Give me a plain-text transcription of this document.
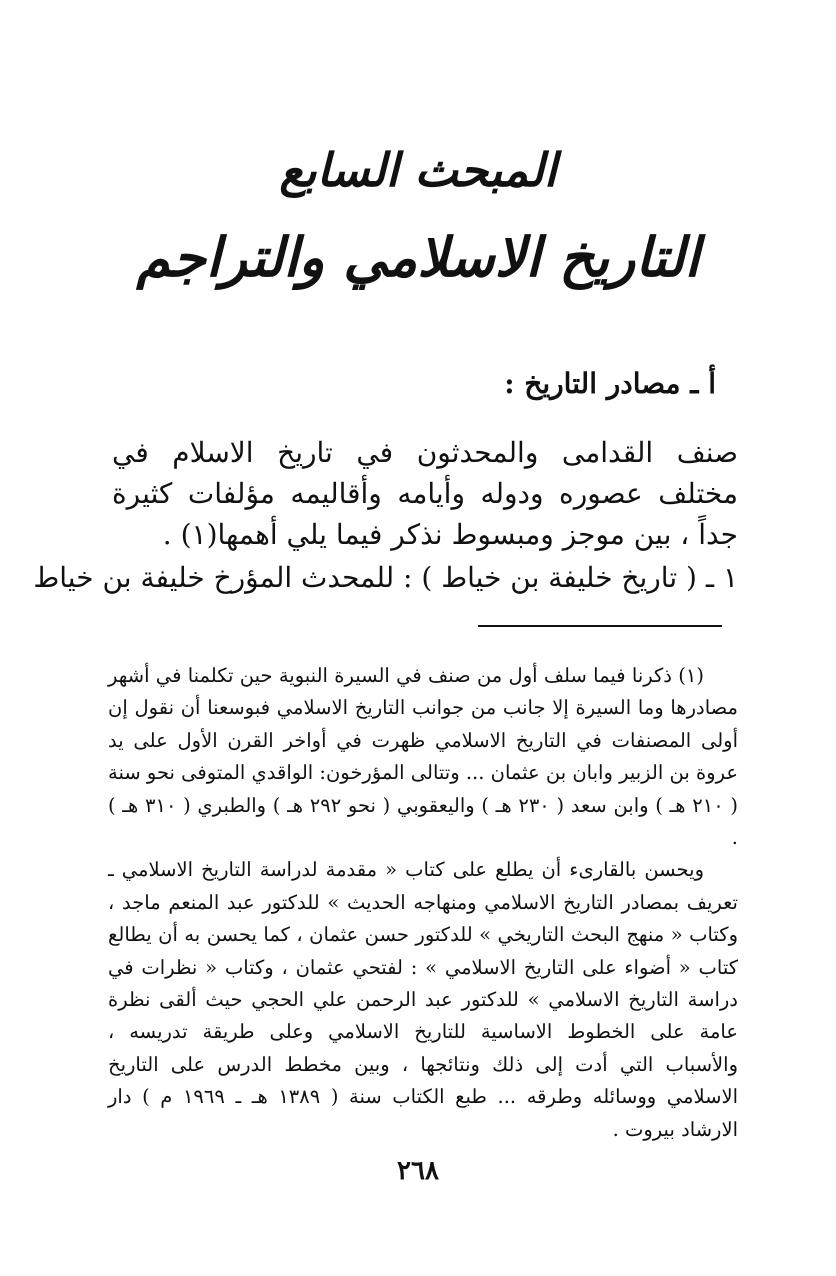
المبحث السابع
التاريخ الاسلامي والتراجم
أ ـ مصادر التاريخ :
صنف القدامى والمحدثون في تاريخ الاسلام في مختلف عصوره ودوله وأيامه وأقاليمه مؤلفات كثيرة جداً ، بين موجز ومبسوط نذكر فيما يلي أهمها(١) .
١ ـ ( تاريخ خليفة بن خياط ) : للمحدث المؤرخ خليفة بن خياط

(١) ذكرنا فيما سلف أول من صنف في السيرة النبوية حين تكلمنا في أشهر مصادرها وما السيرة إلا جانب من جوانب التاريخ الاسلامي فبوسعنا أن نقول إن أولى المصنفات في التاريخ الاسلامي ظهرت في أواخر القرن الأول على يد عروة بن الزبير وابان بن عثمان ... وتتالى المؤرخون: الواقدي المتوفى نحو سنة ( ٢١٠ هـ ) وابن سعد ( ٢٣٠ هـ ) واليعقوبي ( نحو ٢٩٢ هـ ) والطبري ( ٣١٠ هـ ) .

ويحسن بالقارىء أن يطلع على كتاب « مقدمة لدراسة التاريخ الاسلامي ـ تعريف بمصادر التاريخ الاسلامي ومنهاجه الحديث » للدكتور عبد المنعم ماجد ، وكتاب « منهج البحث التاريخي » للدكتور حسن عثمان ، كما يحسن به أن يطالع كتاب « أضواء على التاريخ الاسلامي » : لفتحي عثمان ، وكتاب « نظرات في دراسة التاريخ الاسلامي » للدكتور عبد الرحمن علي الحجي حيث ألقى نظرة عامة على الخطوط الاساسية للتاريخ الاسلامي وعلى طريقة تدريسه ، والأسباب التي أدت إلى ذلك ونتائجها ، وبين مخطط الدرس على التاريخ الاسلامي ووسائله وطرقه ... طبع الكتاب سنة ( ١٣٨٩ هـ ـ ١٩٦٩ م ) دار الارشاد بيروت .

٢٦٨
